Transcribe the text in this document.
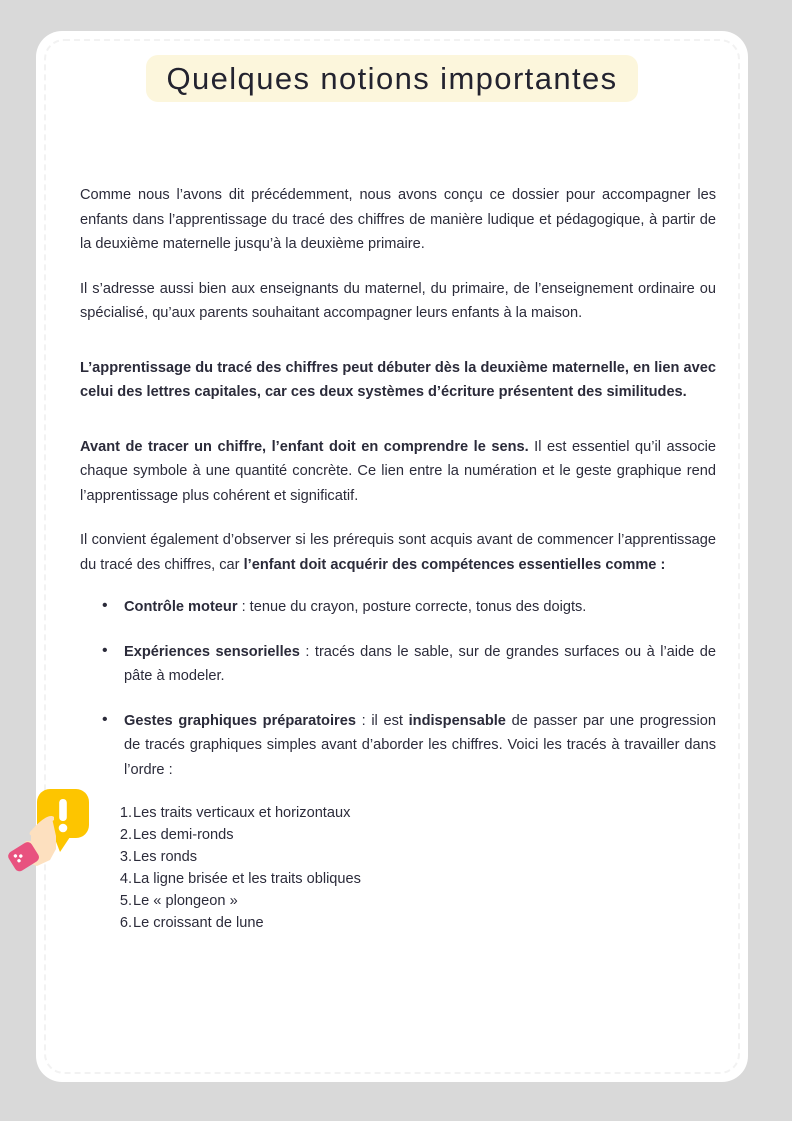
Quelques notions importantes

Comme nous l’avons dit précédemment, nous avons conçu ce dossier pour accompagner les enfants dans l’apprentissage du tracé des chiffres de manière ludique et pédagogique, à partir de la deuxième maternelle jusqu’à la deuxième primaire.

Il s’adresse aussi bien aux enseignants du maternel, du primaire, de l’enseignement ordinaire ou spécialisé, qu’aux parents souhaitant accompagner leurs enfants à la maison.

L’apprentissage du tracé des chiffres peut débuter dès la deuxième maternelle, en lien avec celui des lettres capitales, car ces deux systèmes d’écriture présentent des similitudes.

Avant de tracer un chiffre, l’enfant doit en comprendre le sens. Il est essentiel qu’il associe chaque symbole à une quantité concrète. Ce lien entre la numération et le geste graphique rend l’apprentissage plus cohérent et significatif.

Il convient également d’observer si les prérequis sont acquis avant de commencer l’apprentissage du tracé des chiffres, car l’enfant doit acquérir des compétences essentielles comme :

• Contrôle moteur : tenue du crayon, posture correcte, tonus des doigts.
• Expériences sensorielles : tracés dans le sable, sur de grandes surfaces ou à l’aide de pâte à modeler.
• Gestes graphiques préparatoires : il est indispensable de passer par une progression de tracés graphiques simples avant d’aborder les chiffres. Voici les tracés à travailler dans l’ordre :
Les traits verticaux et horizontaux
Les demi-ronds
Les ronds
La ligne brisée et les traits obliques
Le « plongeon »
Le croissant de lune
